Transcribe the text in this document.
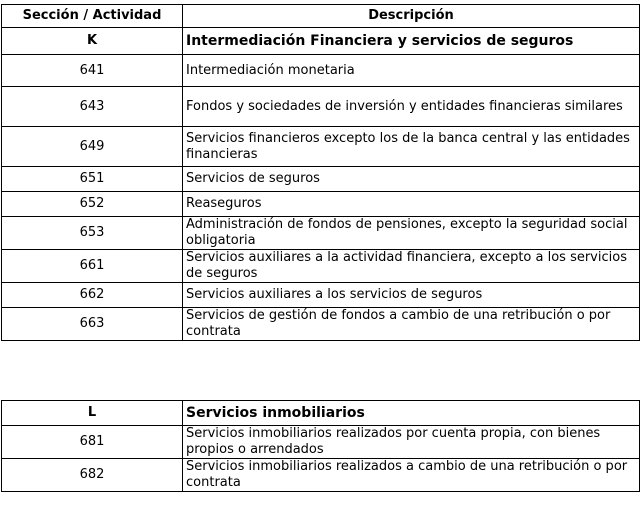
Sección / Actividad	Descripción
K	Intermediación Financiera y servicios de seguros
641	Intermediación monetaria
643	Fondos y sociedades de inversión y entidades financieras similares
649	Servicios financieros excepto los de la banca central y las entidades financieras
651	Servicios de seguros
652	Reaseguros
653	Administración de fondos de pensiones, excepto la seguridad social obligatoria
661	Servicios auxiliares a la actividad financiera, excepto a los servicios de seguros
662	Servicios auxiliares a los servicios de seguros
663	Servicios de gestión de fondos a cambio de una retribución o por contrata
L	Servicios inmobiliarios
681	Servicios inmobiliarios realizados por cuenta propia, con bienes propios o arrendados
682	Servicios inmobiliarios realizados a cambio de una retribución o por contrata
